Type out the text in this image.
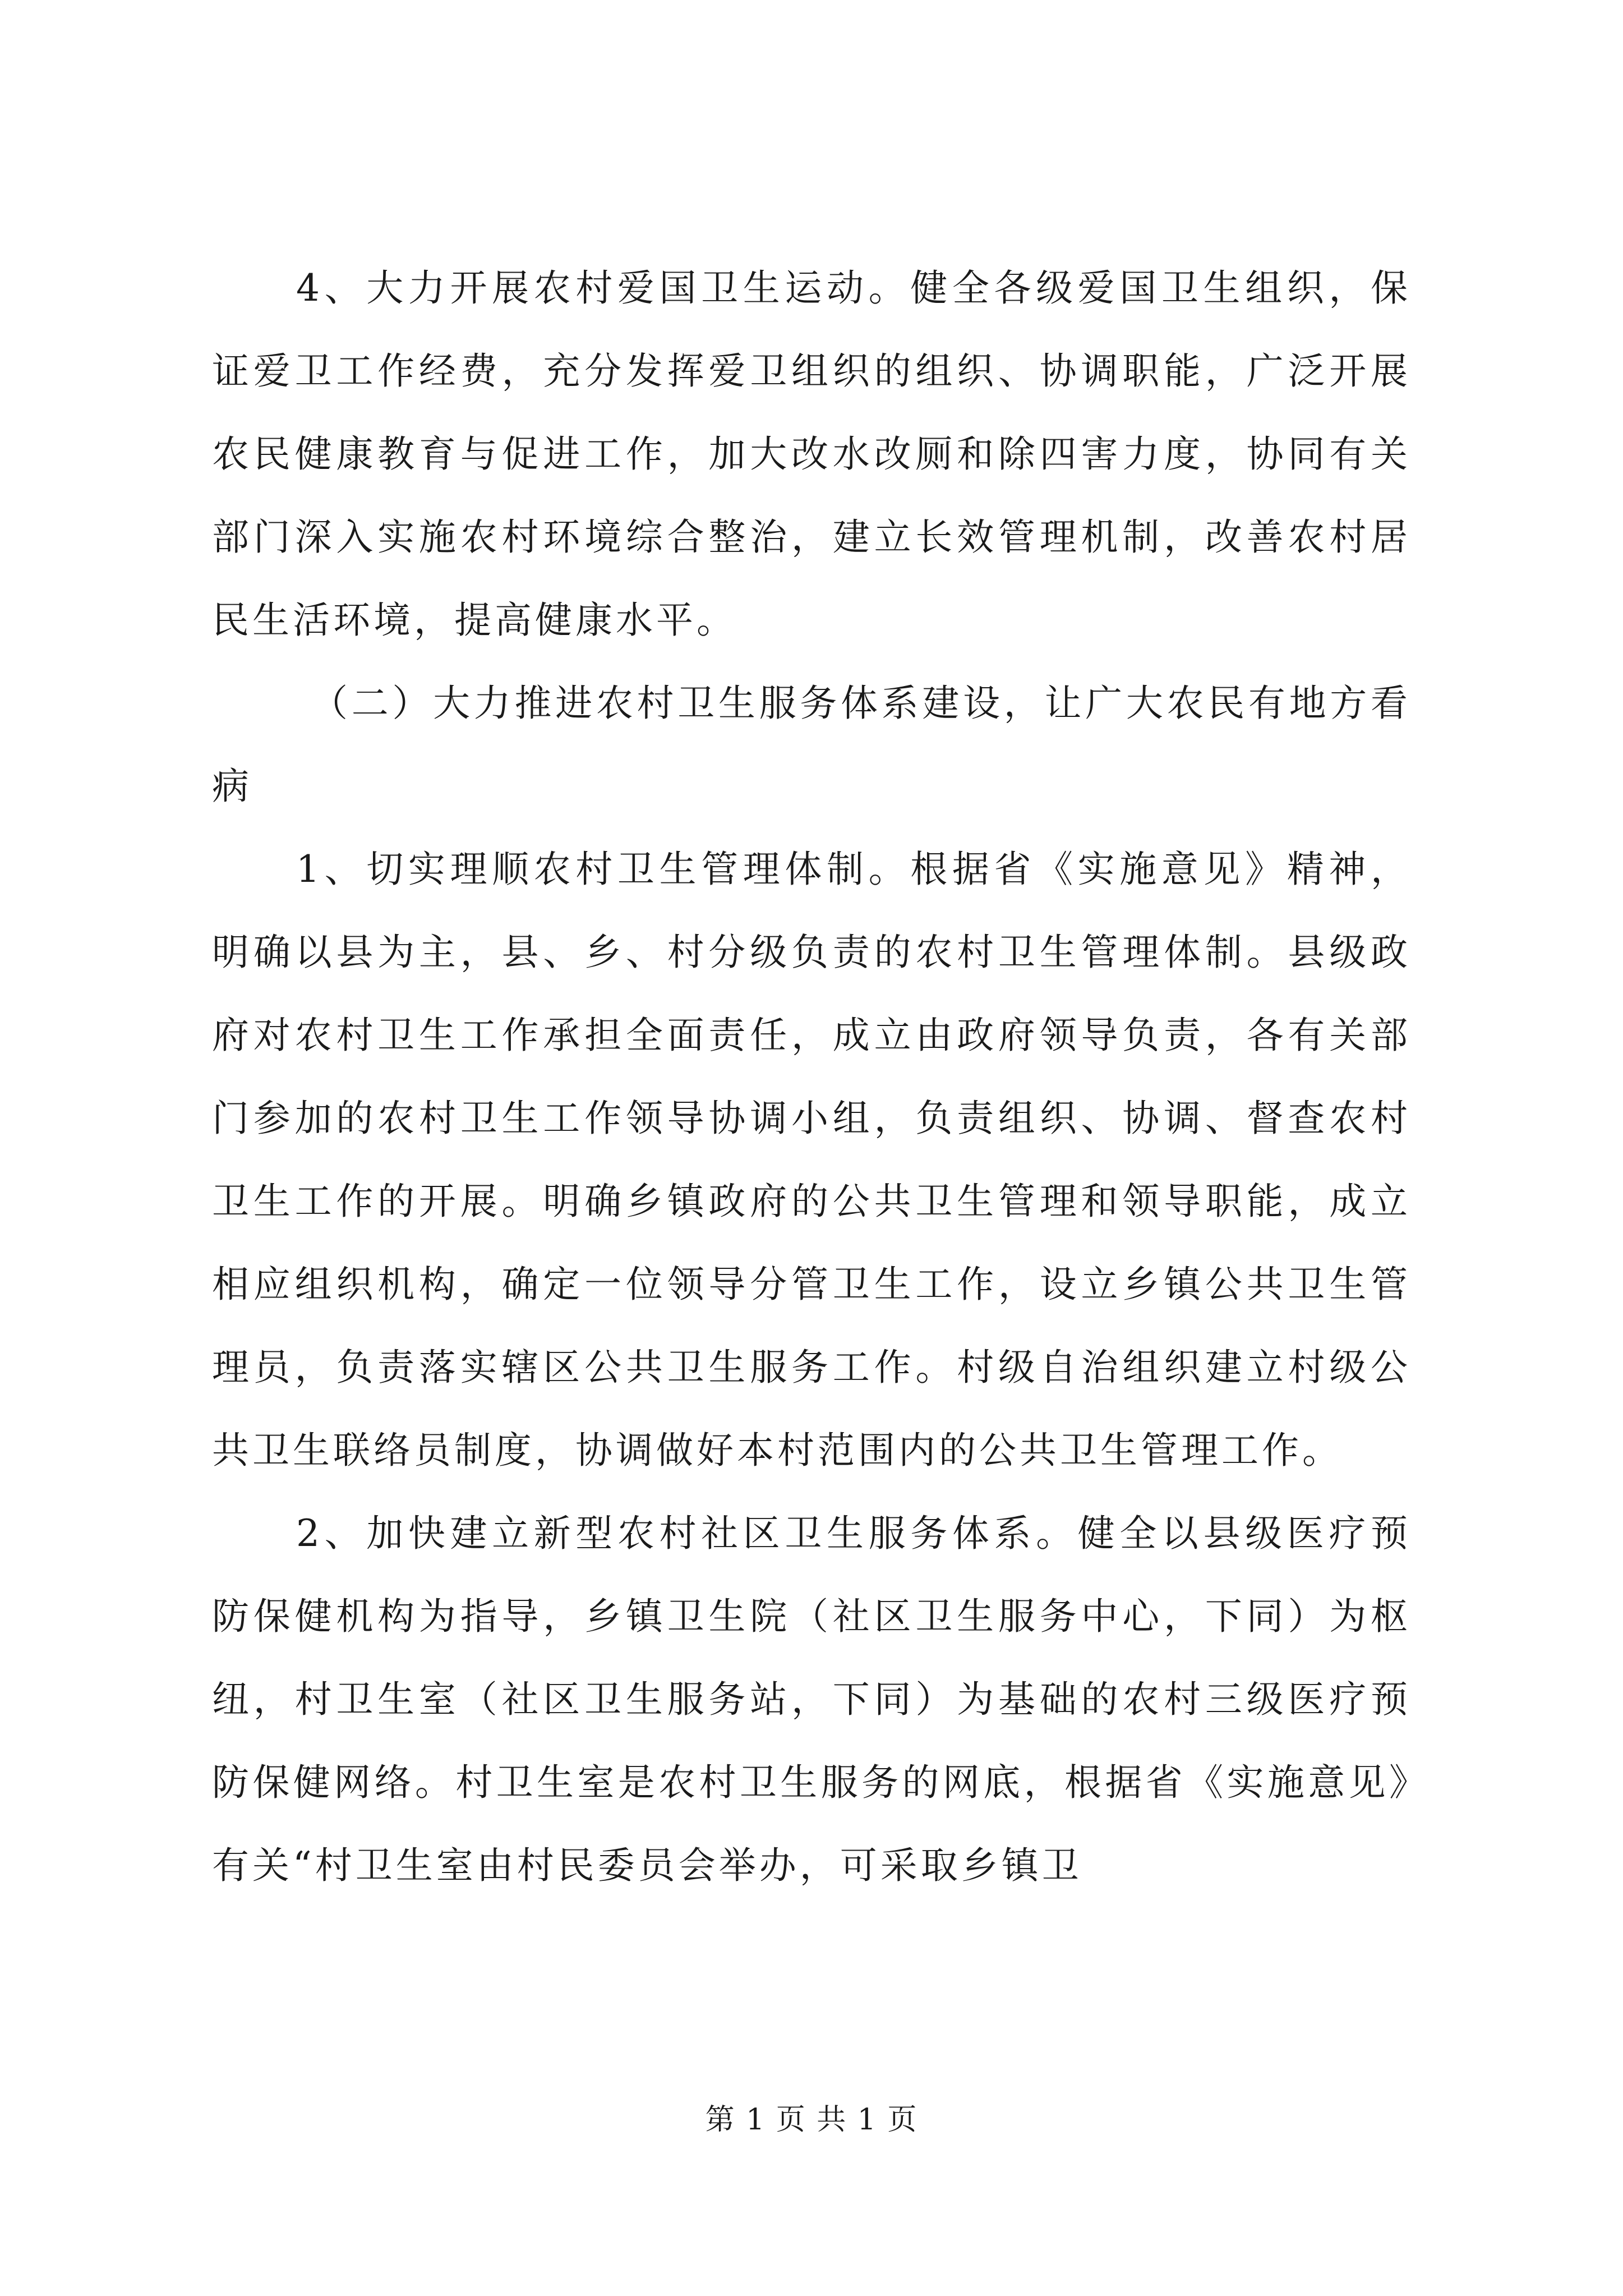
4、大力开展农村爱国卫生运动。健全各级爱国卫生组织，保证爱卫工作经费，充分发挥爱卫组织的组织、协调职能，广泛开展农民健康教育与促进工作，加大改水改厕和除四害力度，协同有关部门深入实施农村环境综合整治，建立长效管理机制，改善农村居民生活环境，提高健康水平。

（二）大力推进农村卫生服务体系建设，让广大农民有地方看病

1、切实理顺农村卫生管理体制。根据省《实施意见》精神，明确以县为主，县、乡、村分级负责的农村卫生管理体制。县级政府对农村卫生工作承担全面责任，成立由政府领导负责，各有关部门参加的农村卫生工作领导协调小组，负责组织、协调、督查农村卫生工作的开展。明确乡镇政府的公共卫生管理和领导职能，成立相应组织机构，确定一位领导分管卫生工作，设立乡镇公共卫生管理员，负责落实辖区公共卫生服务工作。村级自治组织建立村级公共卫生联络员制度，协调做好本村范围内的公共卫生管理工作。

2、加快建立新型农村社区卫生服务体系。健全以县级医疗预防保健机构为指导，乡镇卫生院（社区卫生服务中心，下同）为枢纽，村卫生室（社区卫生服务站，下同）为基础的农村三级医疗预防保健网络。村卫生室是农村卫生服务的网底，根据省《实施意见》有关“村卫生室由村民委员会举办，可采取乡镇卫

第 1 页 共 1 页
